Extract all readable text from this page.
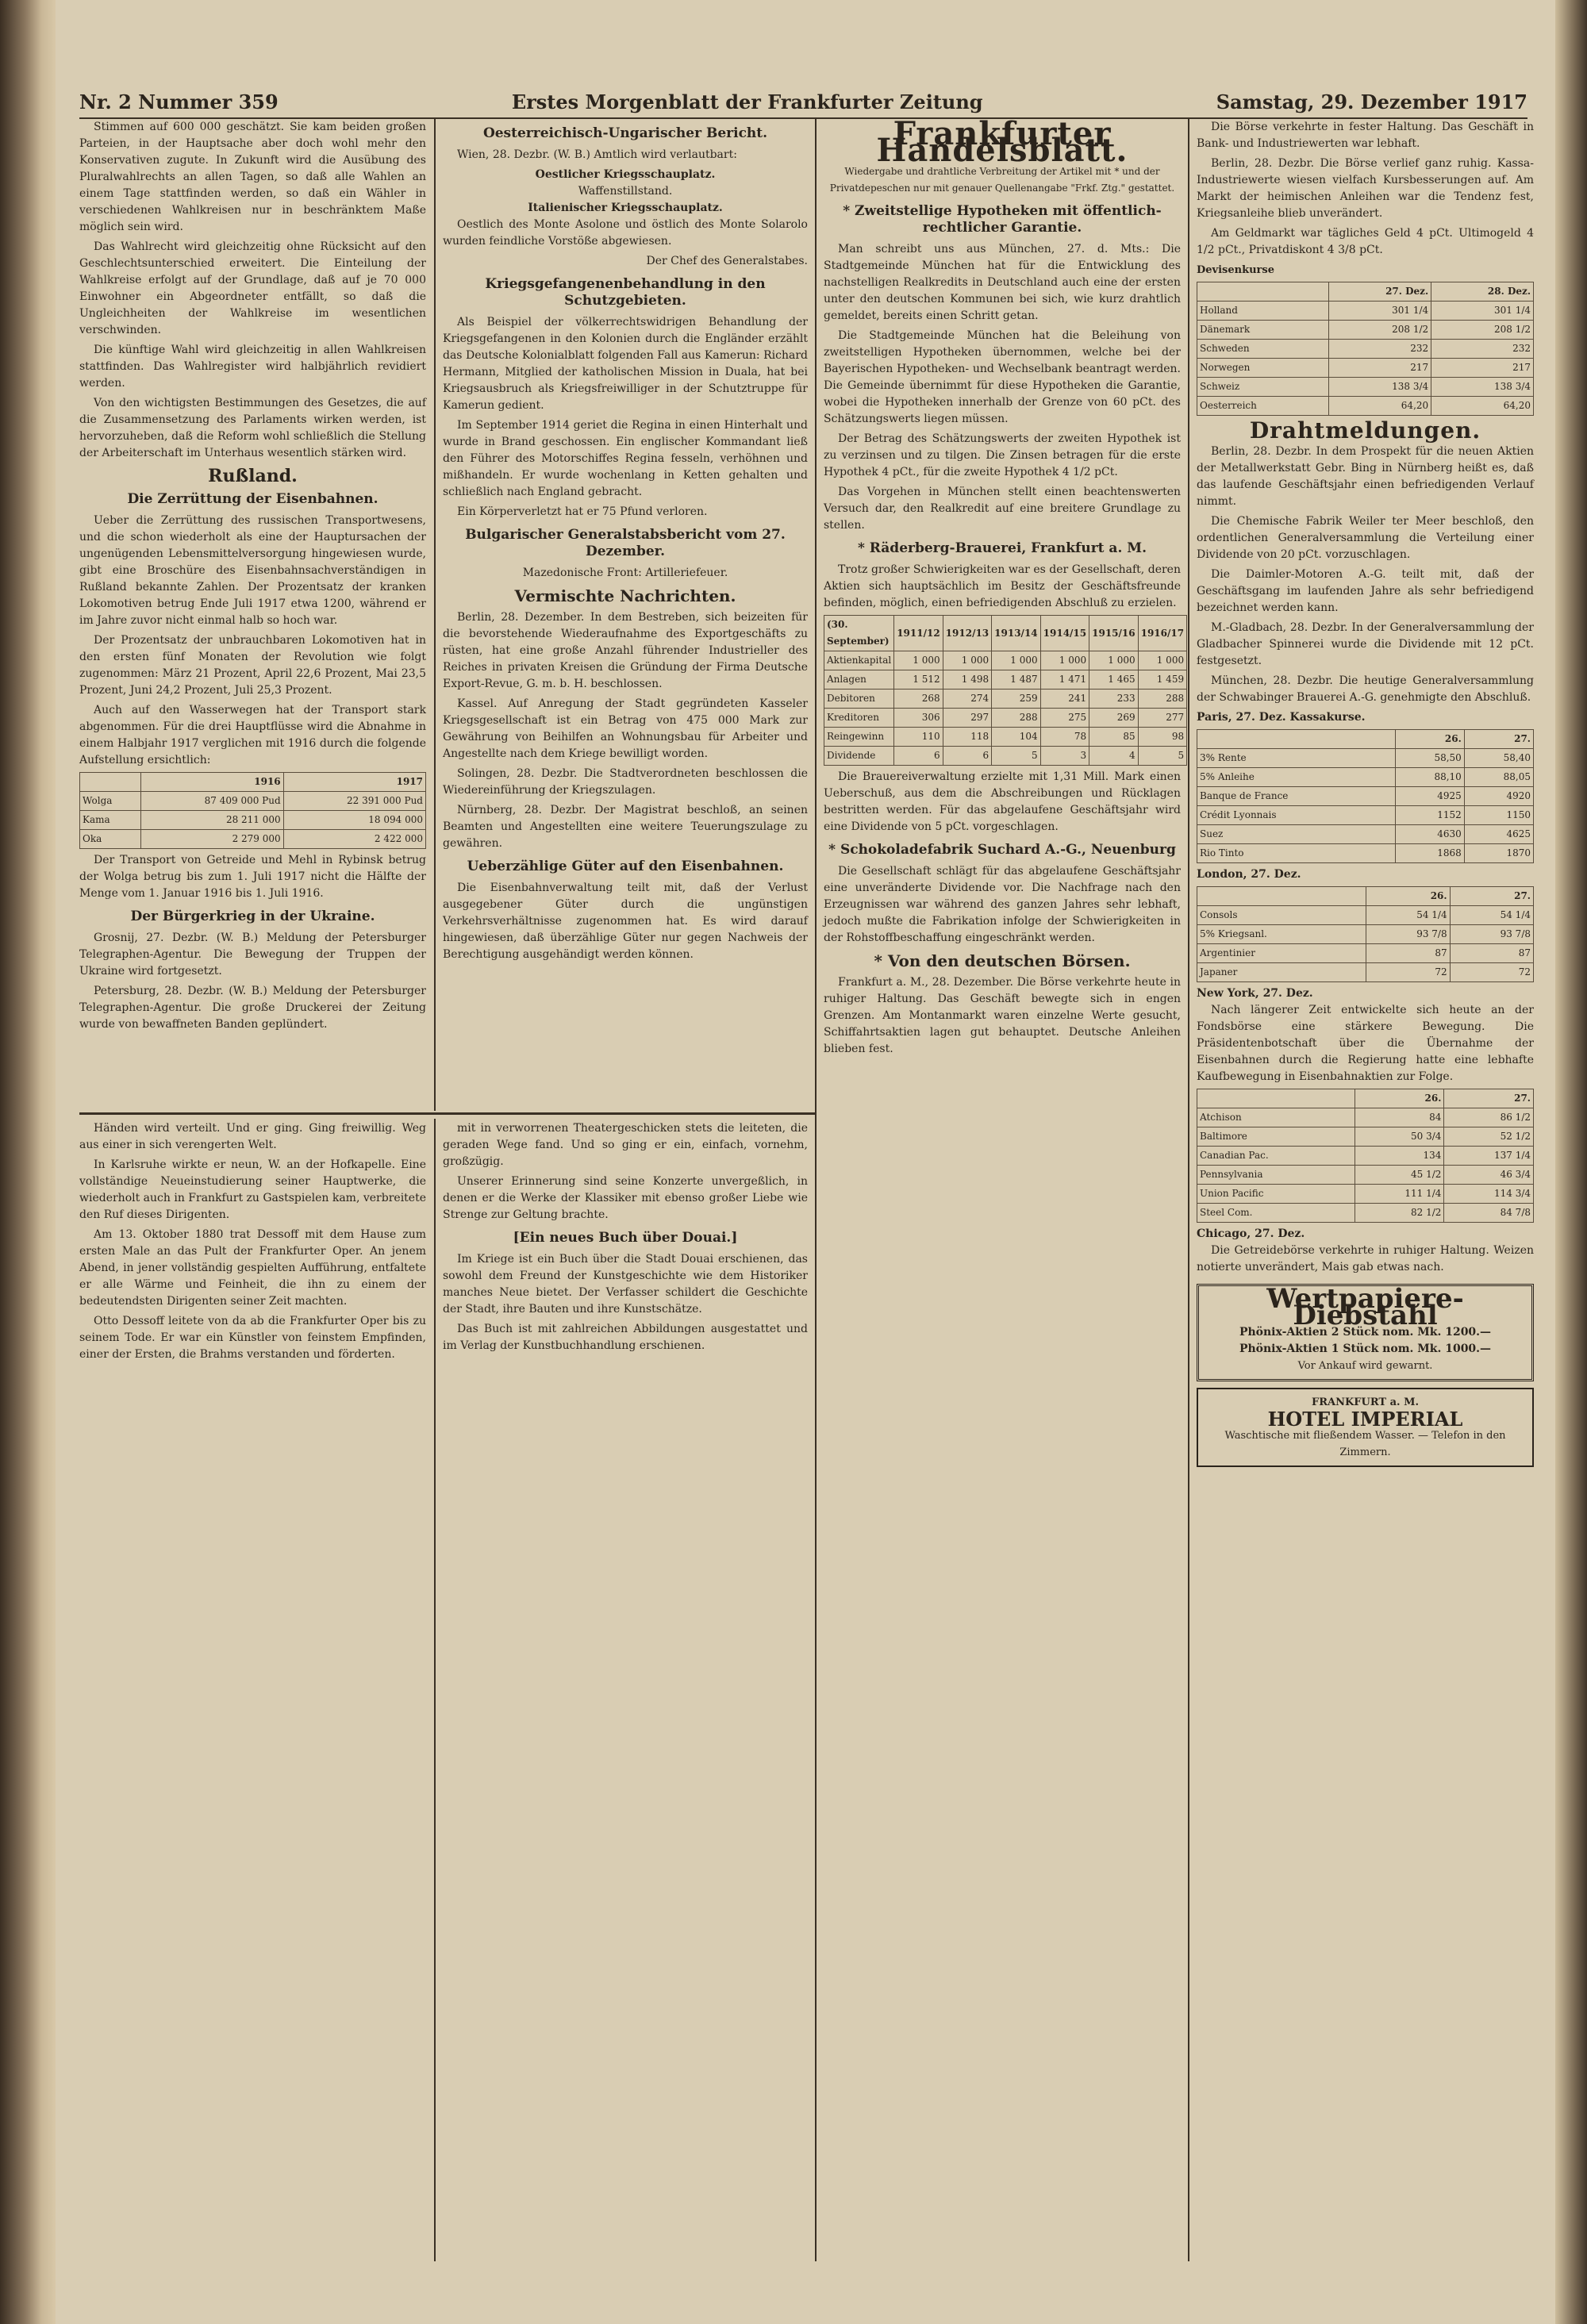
Nr. 2 Nummer 359	Erstes Morgenblatt der Frankfurter Zeitung	Samstag, 29. Dezember 1917

Stimmen auf 600 000 geschätzt. Sie kam beiden großen Parteien, in der Hauptsache aber doch wohl mehr den Konservativen zugute. In Zukunft wird die Ausübung des Pluralwahlrechts an allen Tagen, so daß alle Wahlen an einem Tage stattfinden werden, so daß ein Wähler in verschiedenen Wahlkreisen nur in beschränktem Maße möglich sein wird.

Das Wahlrecht wird gleichzeitig ohne Rücksicht auf den Geschlechtsunterschied erweitert. Die Einteilung der Wahlkreise erfolgt auf der Grundlage, daß auf je 70 000 Einwohner ein Abgeordneter entfällt, so daß die Ungleichheiten der Wahlkreise im wesentlichen verschwinden.

Die künftige Wahl wird gleichzeitig in allen Wahlkreisen stattfinden. Das Wahlregister wird halbjährlich revidiert werden.

Von den wichtigsten Bestimmungen des Gesetzes, die auf die Zusammensetzung des Parlaments wirken werden, ist hervorzuheben, daß die Reform wohl schließlich die Stellung der Arbeiterschaft im Unterhaus wesentlich stärken wird.

Rußland.
Die Zerrüttung der Eisenbahnen.

Ueber die Zerrüttung des russischen Transportwesens, und die schon wiederholt als eine der Hauptursachen der ungenügenden Lebensmittelversorgung hingewiesen wurde, gibt eine Broschüre des Eisenbahnsachverständigen in Rußland bekannte Zahlen. Der Prozentsatz der kranken Lokomotiven betrug Ende Juli 1917 etwa 1200, während er im Jahre zuvor nicht einmal halb so hoch war.

Der Prozentsatz der unbrauchbaren Lokomotiven hat in den ersten fünf Monaten der Revolution wie folgt zugenommen: März 21 Prozent, April 22,6 Prozent, Mai 23,5 Prozent, Juni 24,2 Prozent, Juli 25,3 Prozent.

Auch auf den Wasserwegen hat der Transport stark abgenommen. Für die drei Hauptflüsse wird die Abnahme in einem Halbjahr 1917 verglichen mit 1916 durch die folgende Aufstellung ersichtlich:

	1916	1917
Wolga	87 409 000 Pud	22 391 000 Pud
Kama	28 211 000	18 094 000
Oka	2 279 000	2 422 000

Der Transport von Getreide und Mehl in Rybinsk betrug der Wolga betrug bis zum 1. Juli 1917 nicht die Hälfte der Menge vom 1. Januar 1916 bis 1. Juli 1916.

Der Bürgerkrieg in der Ukraine.

Grosnij, 27. Dezbr. (W. B.) Meldung der Petersburger Telegraphen-Agentur. Die Bewegung der Truppen der Ukraine wird fortgesetzt.

Petersburg, 28. Dezbr. (W. B.) Meldung der Petersburger Telegraphen-Agentur. Die große Druckerei der Zeitung wurde von bewaffneten Banden geplündert.

Oesterreichisch-Ungarischer Bericht.

Wien, 28. Dezbr. (W. B.) Amtlich wird verlautbart:

Oestlicher Kriegsschauplatz.
Waffenstillstand.
Italienischer Kriegsschauplatz.

Oestlich des Monte Asolone und östlich des Monte Solarolo wurden feindliche Vorstöße abgewiesen.

Der Chef des Generalstabes.
Kriegsgefangenenbehandlung in den Schutzgebieten.

Als Beispiel der völkerrechtswidrigen Behandlung der Kriegsgefangenen in den Kolonien durch die Engländer erzählt das Deutsche Kolonialblatt folgenden Fall aus Kamerun: Richard Hermann, Mitglied der katholischen Mission in Duala, hat bei Kriegsausbruch als Kriegsfreiwilliger in der Schutztruppe für Kamerun gedient.

Im September 1914 geriet die Regina in einen Hinterhalt und wurde in Brand geschossen. Ein englischer Kommandant ließ den Führer des Motorschiffes Regina fesseln, verhöhnen und mißhandeln. Er wurde wochenlang in Ketten gehalten und schließlich nach England gebracht.

Ein Körperverletzt hat er 75 Pfund verloren.

Bulgarischer Generalstabsbericht vom 27. Dezember.
Mazedonische Front: Artilleriefeuer.
Vermischte Nachrichten.

Berlin, 28. Dezember. In dem Bestreben, sich beizeiten für die bevorstehende Wiederaufnahme des Exportgeschäfts zu rüsten, hat eine große Anzahl führender Industrieller des Reiches in privaten Kreisen die Gründung der Firma Deutsche Export-Revue, G. m. b. H. beschlossen.

Kassel. Auf Anregung der Stadt gegründeten Kasseler Kriegsgesellschaft ist ein Betrag von 475 000 Mark zur Gewährung von Beihilfen an Wohnungsbau für Arbeiter und Angestellte nach dem Kriege bewilligt worden.

Solingen, 28. Dezbr. Die Stadtverordneten beschlossen die Wiedereinführung der Kriegszulagen.

Nürnberg, 28. Dezbr. Der Magistrat beschloß, an seinen Beamten und Angestellten eine weitere Teuerungszulage zu gewähren.

Ueberzählige Güter auf den Eisenbahnen.

Die Eisenbahnverwaltung teilt mit, daß der Verlust ausgegebener Güter durch die ungünstigen Verkehrsverhältnisse zugenommen hat. Es wird darauf hingewiesen, daß überzählige Güter nur gegen Nachweis der Berechtigung ausgehändigt werden können.

Händen wird verteilt. Und er ging. Ging freiwillig. Weg aus einer in sich verengerten Welt.

In Karlsruhe wirkte er neun, W. an der Hofkapelle. Eine vollständige Neueinstudierung seiner Hauptwerke, die wiederholt auch in Frankfurt zu Gastspielen kam, verbreitete den Ruf dieses Dirigenten.

Am 13. Oktober 1880 trat Dessoff mit dem Hause zum ersten Male an das Pult der Frankfurter Oper. An jenem Abend, in jener vollständig gespielten Aufführung, entfaltete er alle Wärme und Feinheit, die ihn zu einem der bedeutendsten Dirigenten seiner Zeit machten.

Otto Dessoff leitete von da ab die Frankfurter Oper bis zu seinem Tode. Er war ein Künstler von feinstem Empfinden, einer der Ersten, die Brahms verstanden und förderten.

mit in verworrenen Theatergeschicken stets die leiteten, die geraden Wege fand. Und so ging er ein, einfach, vornehm, großzügig.

Unserer Erinnerung sind seine Konzerte unvergeßlich, in denen er die Werke der Klassiker mit ebenso großer Liebe wie Strenge zur Geltung brachte.

[Ein neues Buch über Douai.]

Im Kriege ist ein Buch über die Stadt Douai erschienen, das sowohl dem Freund der Kunstgeschichte wie dem Historiker manches Neue bietet. Der Verfasser schildert die Geschichte der Stadt, ihre Bauten und ihre Kunstschätze.

Das Buch ist mit zahlreichen Abbildungen ausgestattet und im Verlag der Kunstbuchhandlung erschienen.

Frankfurter Handelsblatt.
Wiedergabe und drahtliche Verbreitung der Artikel mit * und der Privatdepeschen nur mit genauer Quellenangabe "Frkf. Ztg." gestattet.
* Zweitstellige Hypotheken mit öffentlich-rechtlicher Garantie.

Man schreibt uns aus München, 27. d. Mts.: Die Stadtgemeinde München hat für die Entwicklung des nachstelligen Realkredits in Deutschland auch eine der ersten unter den deutschen Kommunen bei sich, wie kurz drahtlich gemeldet, bereits einen Schritt getan.

Die Stadtgemeinde München hat die Beleihung von zweitstelligen Hypotheken übernommen, welche bei der Bayerischen Hypotheken- und Wechselbank beantragt werden. Die Gemeinde übernimmt für diese Hypotheken die Garantie, wobei die Hypotheken innerhalb der Grenze von 60 pCt. des Schätzungswerts liegen müssen.

Der Betrag des Schätzungswerts der zweiten Hypothek ist zu verzinsen und zu tilgen. Die Zinsen betragen für die erste Hypothek 4 pCt., für die zweite Hypothek 4 1/2 pCt.

Das Vorgehen in München stellt einen beachtenswerten Versuch dar, den Realkredit auf eine breitere Grundlage zu stellen.

* Räderberg-Brauerei, Frankfurt a. M.

Trotz großer Schwierigkeiten war es der Gesellschaft, deren Aktien sich hauptsächlich im Besitz der Geschäftsfreunde befinden, möglich, einen befriedigenden Abschluß zu erzielen.

(30. September)	1911/12	1912/13	1913/14	1914/15	1915/16	1916/17
Aktienkapital	1 000	1 000	1 000	1 000	1 000	1 000
Anlagen	1 512	1 498	1 487	1 471	1 465	1 459
Debitoren	268	274	259	241	233	288
Kreditoren	306	297	288	275	269	277
Reingewinn	110	118	104	78	85	98
Dividende	6	6	5	3	4	5

Die Brauereiverwaltung erzielte mit 1,31 Mill. Mark einen Ueberschuß, aus dem die Abschreibungen und Rücklagen bestritten werden. Für das abgelaufene Geschäftsjahr wird eine Dividende von 5 pCt. vorgeschlagen.

* Schokoladefabrik Suchard A.-G., Neuenburg

Die Gesellschaft schlägt für das abgelaufene Geschäftsjahr eine unveränderte Dividende vor. Die Nachfrage nach den Erzeugnissen war während des ganzen Jahres sehr lebhaft, jedoch mußte die Fabrikation infolge der Schwierigkeiten in der Rohstoffbeschaffung eingeschränkt werden.

* Von den deutschen Börsen.

Frankfurt a. M., 28. Dezember. Die Börse verkehrte heute in ruhiger Haltung. Das Geschäft bewegte sich in engen Grenzen. Am Montanmarkt waren einzelne Werte gesucht, Schiffahrtsaktien lagen gut behauptet. Deutsche Anleihen blieben fest.

Die Börse verkehrte in fester Haltung. Das Geschäft in Bank- und Industriewerten war lebhaft.

Berlin, 28. Dezbr. Die Börse verlief ganz ruhig. Kassa-Industriewerte wiesen vielfach Kursbesserungen auf. Am Markt der heimischen Anleihen war die Tendenz fest, Kriegsanleihe blieb unverändert.

Am Geldmarkt war tägliches Geld 4 pCt. Ultimogeld 4 1/2 pCt., Privatdiskont 4 3/8 pCt.

Devisenkurse
	27. Dez.	28. Dez.
Holland	301 1/4	301 1/4
Dänemark	208 1/2	208 1/2
Schweden	232	232
Norwegen	217	217
Schweiz	138 3/4	138 3/4
Oesterreich	64,20	64,20
Drahtmeldungen.

Berlin, 28. Dezbr. In dem Prospekt für die neuen Aktien der Metallwerkstatt Gebr. Bing in Nürnberg heißt es, daß das laufende Geschäftsjahr einen befriedigenden Verlauf nimmt.

Die Chemische Fabrik Weiler ter Meer beschloß, den ordentlichen Generalversammlung die Verteilung einer Dividende von 20 pCt. vorzuschlagen.

Die Daimler-Motoren A.-G. teilt mit, daß der Geschäftsgang im laufenden Jahre als sehr befriedigend bezeichnet werden kann.

M.-Gladbach, 28. Dezbr. In der Generalversammlung der Gladbacher Spinnerei wurde die Dividende mit 12 pCt. festgesetzt.

München, 28. Dezbr. Die heutige Generalversammlung der Schwabinger Brauerei A.-G. genehmigte den Abschluß.

Paris, 27. Dez. Kassakurse.
	26.	27.
3% Rente	58,50	58,40
5% Anleihe	88,10	88,05
Banque de France	4925	4920
Crédit Lyonnais	1152	1150
Suez	4630	4625
Rio Tinto	1868	1870
London, 27. Dez.
	26.	27.
Consols	54 1/4	54 1/4
5% Kriegsanl.	93 7/8	93 7/8
Argentinier	87	87
Japaner	72	72
New York, 27. Dez.

Nach längerer Zeit entwickelte sich heute an der Fondsbörse eine stärkere Bewegung. Die Präsidentenbotschaft über die Übernahme der Eisenbahnen durch die Regierung hatte eine lebhafte Kaufbewegung in Eisenbahnaktien zur Folge.

	26.	27.
Atchison	84	86 1/2
Baltimore	50 3/4	52 1/2
Canadian Pac.	134	137 1/4
Pennsylvania	45 1/2	46 3/4
Union Pacific	111 1/4	114 3/4
Steel Com.	82 1/2	84 7/8
Chicago, 27. Dez.

Die Getreidebörse verkehrte in ruhiger Haltung. Weizen notierte unverändert, Mais gab etwas nach.

Wertpapiere-Diebstahl
Phönix-Aktien 2 Stück nom. Mk. 1200.—
Phönix-Aktien 1 Stück nom. Mk. 1000.—
Vor Ankauf wird gewarnt.
FRANKFURT a. M.
HOTEL IMPERIAL
Waschtische mit fließendem Wasser. — Telefon in den Zimmern.
